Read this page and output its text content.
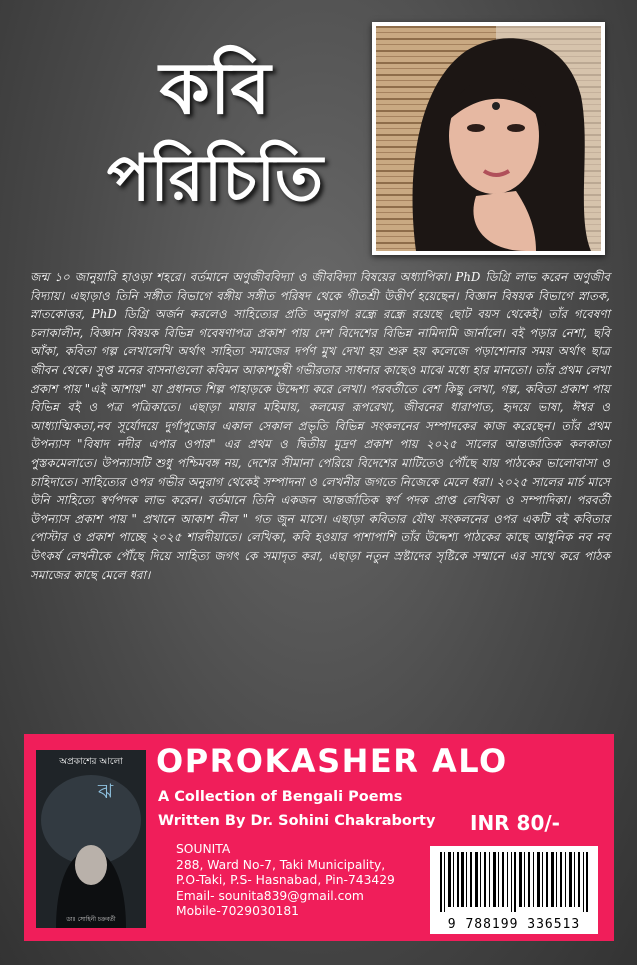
কবি
পরিচিতি
জন্ম ১০ জানুয়ারি হাওড়া শহরে। বর্তমানে অণুজীববিদ্যা ও জীববিদ্যা বিষয়ের অধ্যাপিকা। PhD ডিগ্রি লাভ করেন অণুজীব বিদ্যায়। এছাড়াও তিনি সঙ্গীত বিভাগে বঙ্গীয় সঙ্গীত পরিষদ থেকে গীতশ্রী উত্তীর্ণ হয়েছেন। বিজ্ঞান বিষয়ক বিভাগে স্নাতক, স্নাতকোত্তর, PhD ডিগ্রি অর্জন করলেও সাহিত্যের প্রতি অনুরাগ রন্ধ্রে রন্ধ্রে রয়েছে ছোট বয়স থেকেই। তাঁর গবেষণা চলাকালীন, বিজ্ঞান বিষয়ক বিভিন্ন গবেষণাপত্র প্রকাশ পায় দেশ বিদেশের বিভিন্ন নামিদামি জার্নালে। বই পড়ার নেশা, ছবি আঁকা, কবিতা গল্প লেখালেখি অর্থাৎ সাহিত্য সমাজের দর্পণ মুখ দেখা হয় শুরু হয় কলেজে পড়াশোনার সময় অর্থাৎ ছাত্র জীবন থেকে। সুপ্ত মনের বাসনাগুলো কবিমন আকাশচুম্বী গভীরতার সাধনার কাছেও মাঝে মধ্যে হার মানতো। তাঁর প্রথম লেখা প্রকাশ পায় "এই আশায়" যা প্রধানত শিল্প পাহাড়কে উদ্দেশ্য করে লেখা। পরবর্তীতে বেশ কিছু লেখা, গল্প, কবিতা প্রকাশ পায় বিভিন্ন বই ও পত্র পত্রিকাতে। এছাড়া মায়ার মহিমায়, কলমের রূপরেখা, জীবনের ধারাপাত, হৃদয়ে ভাষা, ঈশ্বর ও আধ্যাত্মিকতা,নব সূর্যোদয়ে দুর্গাপুজোর একাল সেকাল প্রভৃতি বিভিন্ন সংকলনের সম্পাদকের কাজ করেছেন। তাঁর প্রথম উপন্যাস "বিষাদ নদীর এপার ওপার" এর প্রথম ও দ্বিতীয় মুদ্রণ প্রকাশ পায় ২০২৫ সালের আন্তর্জাতিক কলকাতা পুস্তকমেলাতে। উপন্যাসটি শুধু পশ্চিমবঙ্গ নয়, দেশের সীমানা পেরিয়ে বিদেশের মাটিতেও পৌঁছে যায় পাঠকের ভালোবাসা ও চাহিদাতে। সাহিত্যের ওপর গভীর অনুরাগ থেকেই সম্পাদনা ও লেখনীর জগতে নিজেকে মেলে ধরা। ২০২৫ সালের মার্চ মাসে উনি সাহিত্যে স্বর্ণপদক লাভ করেন। বর্তমানে তিনি একজন আন্তর্জাতিক স্বর্ণ পদক প্রাপ্ত লেখিকা ও সম্পাদিকা। পরবর্তী উপন্যাস প্রকাশ পায় " প্রখানে আকাশ নীল " গত জুন মাসে। এছাড়া কবিতার যৌথ সংকলনের ওপর একটি বই কবিতার পোস্টার ও প্রকাশ পাচ্ছে ২০২৫ শারদীয়াতে। লেখিকা, কবি হওয়ার পাশাপাশি তাঁর উদ্দেশ্য পাঠকের কাছে আধুনিক নব নব উৎকর্ষ লেখনীকে পৌঁছে দিয়ে সাহিত্য জগৎ কে সমাদৃত করা, এছাড়া নতুন স্রষ্টাদের সৃষ্টিকে সম্মানে এর সাথে করে পাঠক সমাজের কাছে মেলে ধরা।
অপ্রকাশের আলো
ঝ
ডাঃ সোহিনী চক্রবর্তী
OPROKASHER ALO
A Collection of Bengali Poems
Written By Dr. Sohini Chakraborty INR 80/-
SOUNITA
288, Ward No-7, Taki Municipality,
P.O-Taki, P.S- Hasnabad, Pin-743429
Email- sounita839@gmail.com
Mobile-7029030181
9 788199 336513
